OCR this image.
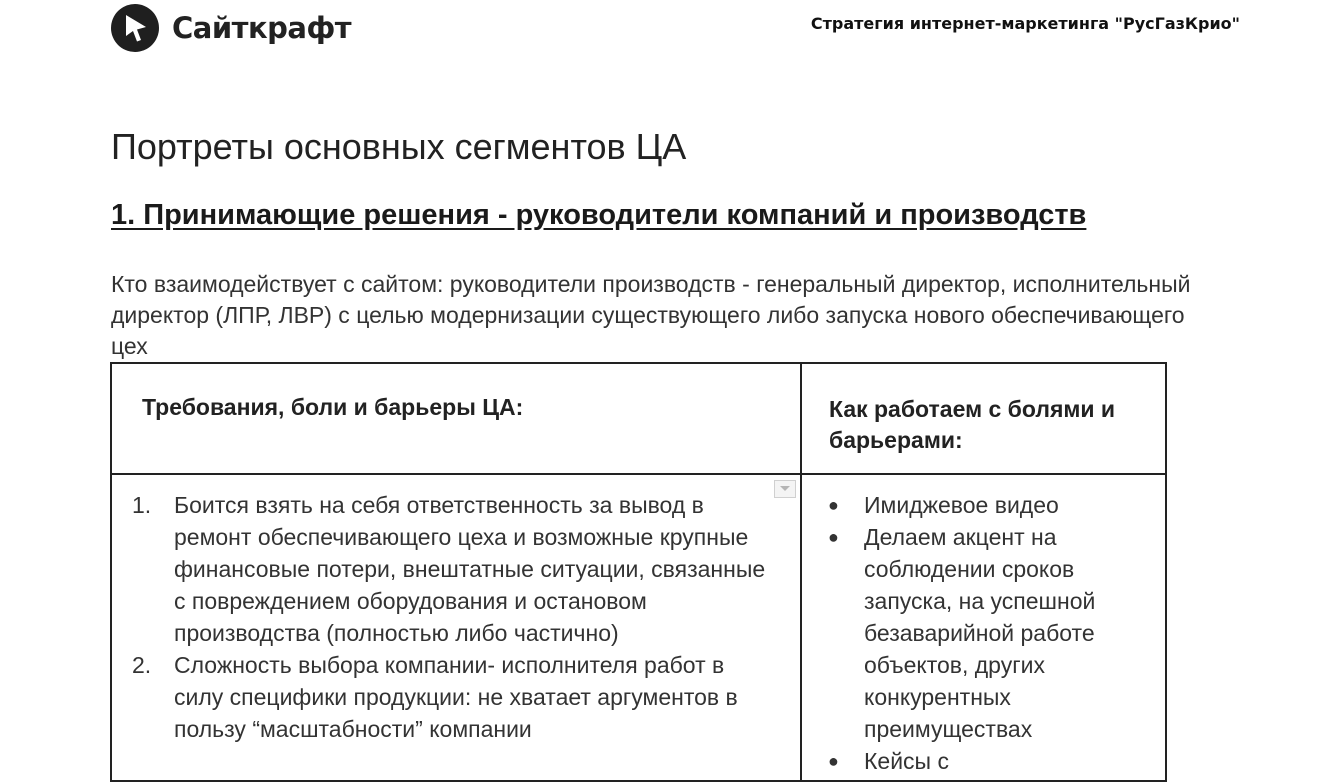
Сайткрафт	Стратегия интернет-маркетинга "РусГазКрио"
Портреты основных сегментов ЦА
1. Принимающие решения - руководители компаний и производств
Кто взаимодействует с сайтом: руководители производств - генеральный директор, исполнительный директор (ЛПР, ЛВР) с целью модернизации существующего либо запуска нового обеспечивающего цех
Требования, боли и барьеры ЦА:	Как работаем с болями и барьерами:
1. Боится взять на себя ответственность за вывод в ремонт обеспечивающего цеха и возможные крупные финансовые потери, внештатные ситуации, связанные с повреждением оборудования и остановом производства (полностью либо частично)
2. Сложность выбора компании- исполнителя работ в силу специфики продукции: не хватает аргументов в пользу “масштабности” компании
● Имиджевое видео
● Делаем акцент на соблюдении сроков запуска, на успешной безаварийной работе объектов, других конкурентных преимуществах
● Кейсы с
